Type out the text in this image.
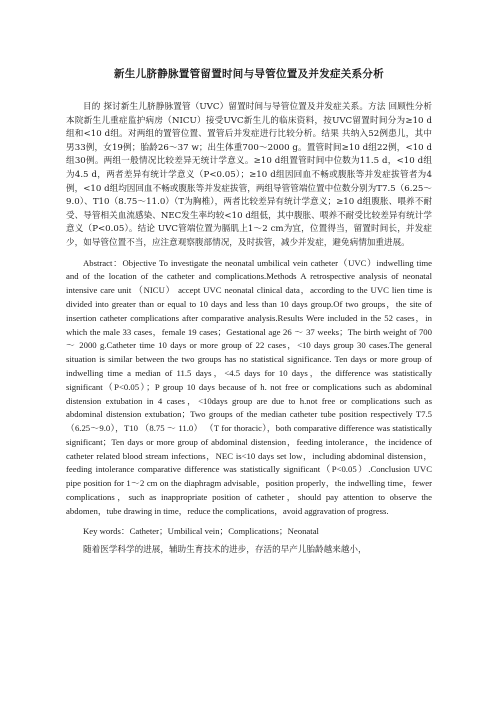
新生儿脐静脉置管留置时间与导管位置及并发症关系分析

目的 探讨新生儿脐静脉置管（UVC）留置时间与导管位置及并发症关系。方法 回顾性分析本院新生儿重症监护病房（NICU）接受UVC新生儿的临床资料，按UVC留置时间分为≥10 d组和<10 d组。对两组的置管位置、置管后并发症进行比较分析。结果 共纳入52例患儿，其中男33例，女19例；胎龄26～37 w；出生体重700～2000 g。置管时间≥10 d组22例，<10 d组30例。两组一般情况比较差异无统计学意义。≥10 d组置管时间中位数为11.5 d，<10 d组为4.5 d，两者差异有统计学意义（P<0.05）；≥10 d组因回血不畅或腹胀等并发症拔管者为4例，<10 d组均因回血不畅或腹胀等并发症拔管，两组导管管端位置中位数分别为T7.5（6.25～9.0）、T10（8.75～11.0）（T为胸椎），两者比较差异有统计学意义；≥10 d组腹胀、喂养不耐受、导管相关血流感染、NEC发生率均较<10 d组低，其中腹胀、喂养不耐受比较差异有统计学意义（P<0.05）。结论 UVC管端位置为膈肌上1～2 cm为宜，位置得当，留置时间长，并发症少，如导管位置不当，应注意观察腹部情况，及时拔管，减少并发症，避免病情加重进展。

Abstract：Objective To investigate the neonatal umbilical vein catheter（UVC）indwelling time and of the location of the catheter and complications.Methods A retrospective analysis of neonatal intensive care unit （NICU） accept UVC neonatal clinical data，according to the UVC lien time is divided into greater than or equal to 10 days and less than 10 days group.Of two groups，the site of insertion catheter complications after comparative analysis.Results Were included in the 52 cases，in which the male 33 cases，female 19 cases；Gestational age 26 ～ 37 weeks；The birth weight of 700 ～ 2000 g.Catheter time 10 days or more group of 22 cases，<10 days group 30 cases.The general situation is similar between the two groups has no statistical significance. Ten days or more group of indwelling time a median of 11.5 days，<4.5 days for 10 days，the difference was statistically significant（P<0.05）；P group 10 days because of h. not free or complications such as abdominal distension extubation in 4 cases，<10days group are due to h.not free or complications such as abdominal distension extubation；Two groups of the median catheter tube position respectively T7.5（6.25～9.0），T10 （8.75 ～ 11.0） （T for thoracic），both comparative difference was statistically significant；Ten days or more group of abdominal distension，feeding intolerance，the incidence of catheter related blood stream infections，NEC is<10 days set low，including abdominal distension，feeding intolerance comparative difference was statistically significant（P<0.05）.Conclusion UVC pipe position for 1～2 cm on the diaphragm advisable，position properly，the indwelling time，fewer complications，such as inappropriate position of catheter，should pay attention to observe the abdomen，tube drawing in time，reduce the complications，avoid aggravation of progress.

Key words：Catheter；Umbilical vein；Complications；Neonatal

随着医学科学的进展，辅助生育技术的进步，存活的早产儿胎龄越来越小，
